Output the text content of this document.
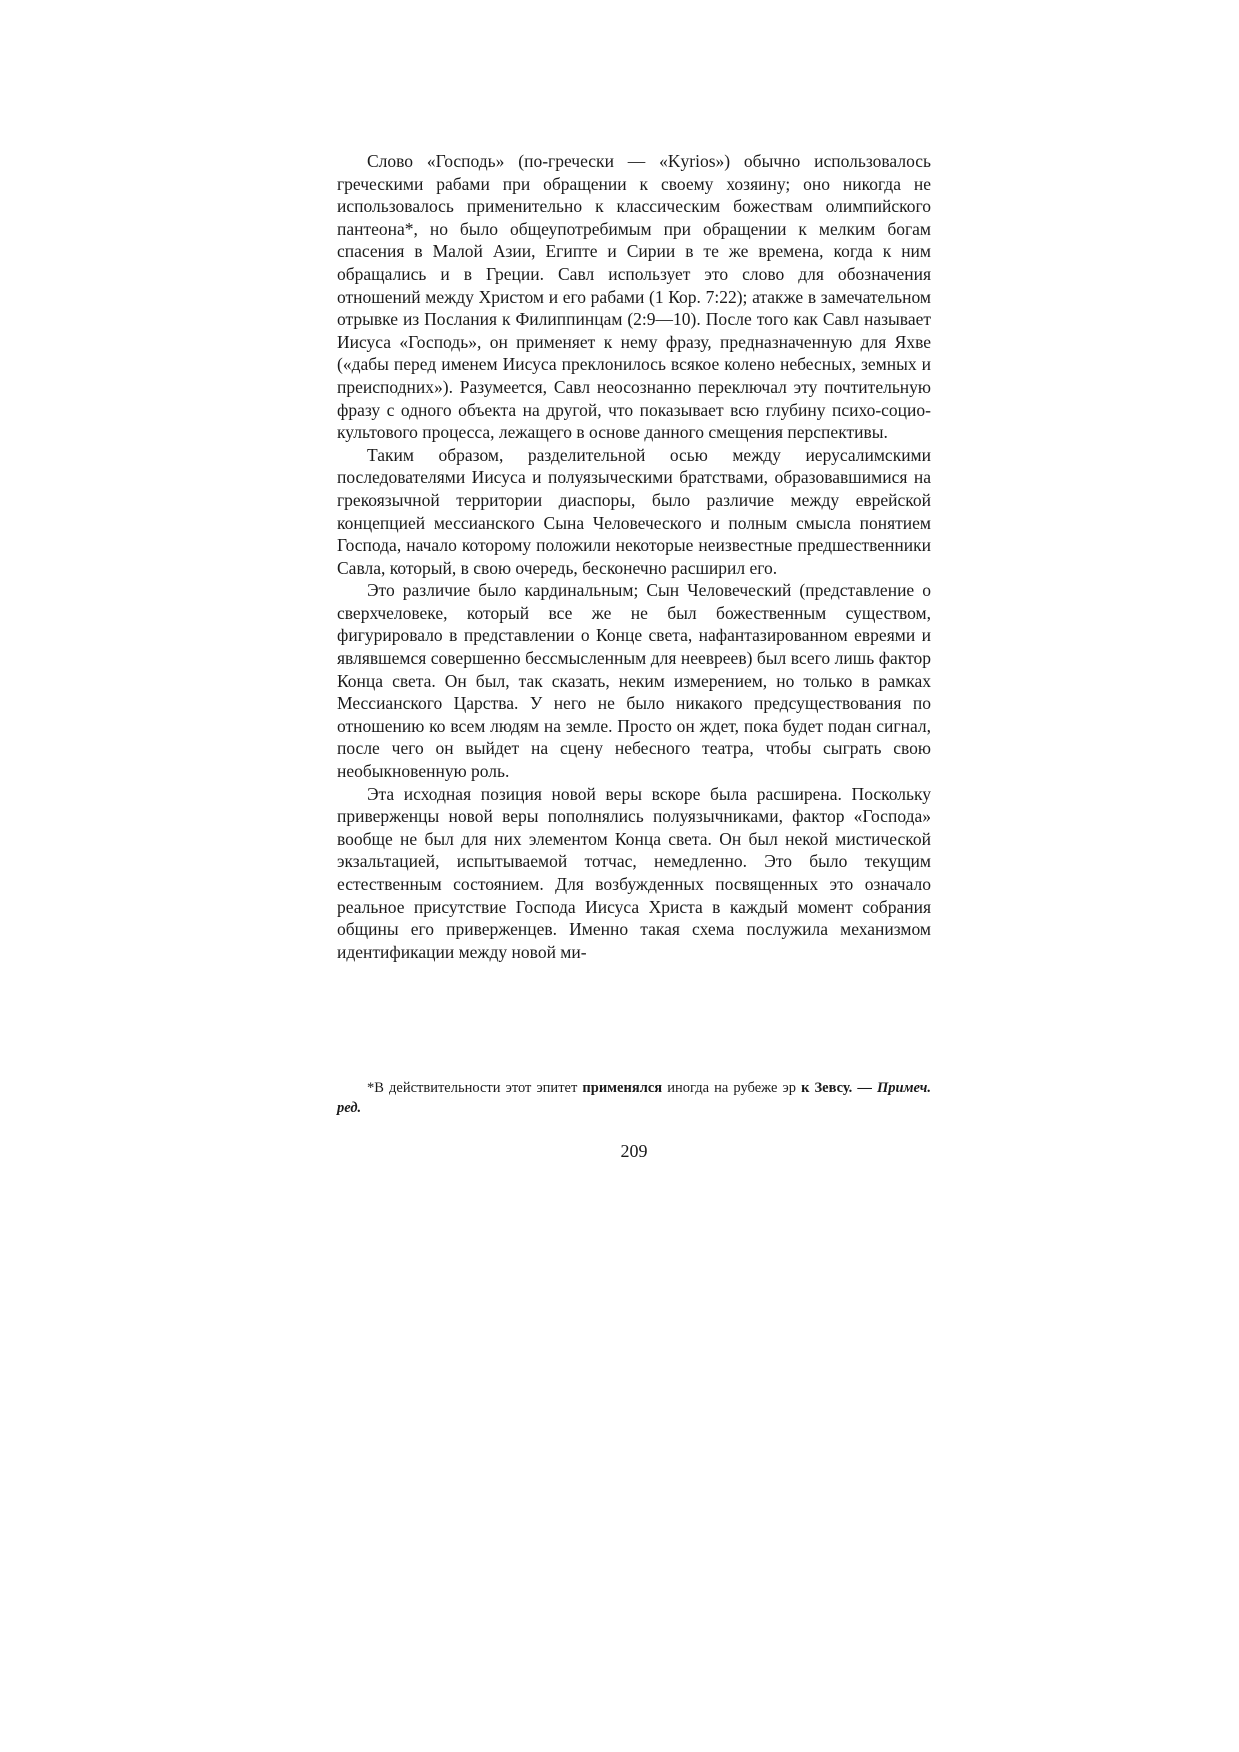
Слово «Господь» (по-гречески — «Kyrios») обычно использовалось греческими рабами при обращении к своему хозяину; оно никогда не использовалось применительно к классическим божествам олимпийского пантеона*, но было общеупотребимым при обращении к мелким богам спасения в Малой Азии, Египте и Сирии в те же времена, когда к ним обращались и в Греции. Савл использует это слово для обозначения отношений между Христом и его рабами (1 Кор. 7:22); атакже в замечательном отрывке из Послания к Филиппинцам (2:9—10). После того как Савл называет Иисуса «Господь», он применяет к нему фразу, предназначенную для Яхве («дабы перед именем Иисуса преклонилось всякое колено небесных, земных и преисподних»). Разумеется, Савл неосознанно переключал эту почтительную фразу с одного объекта на другой, что показывает всю глубину психо-социо-культового процесса, лежащего в основе данного смещения перспективы.

Таким образом, разделительной осью между иерусалимскими последователями Иисуса и полуязыческими братствами, образовавшимися на грекоязычной территории диаспоры, было различие между еврейской концепцией мессианского Сына Человеческого и полным смысла понятием Господа, начало которому положили некоторые неизвестные предшественники Савла, который, в свою очередь, бесконечно расширил его.

Это различие было кардинальным; Сын Человеческий (представление о сверхчеловеке, который все же не был божественным существом, фигурировало в представлении о Конце света, нафантазированном евреями и являвшемся совершенно бессмысленным для неевреев) был всего лишь фактор Конца света. Он был, так сказать, неким измерением, но только в рамках Мессианского Царства. У него не было никакого предсуществования по отношению ко всем людям на земле. Просто он ждет, пока будет подан сигнал, после чего он выйдет на сцену небесного театра, чтобы сыграть свою необыкновенную роль.

Эта исходная позиция новой веры вскоре была расширена. Поскольку приверженцы новой веры пополнялись полуязычниками, фактор «Господа» вообще не был для них элементом Конца света. Он был некой мистической экзальтацией, испытываемой тотчас, немедленно. Это было текущим естественным состоянием. Для возбужденных посвященных это означало реальное присутствие Господа Иисуса Христа в каждый момент собрания общины его приверженцев. Именно такая схема послужила механизмом идентификации между новой ми-

*В действительности этот эпитет применялся иногда на рубеже эр к Зевсу. — Примеч. ред.

209
